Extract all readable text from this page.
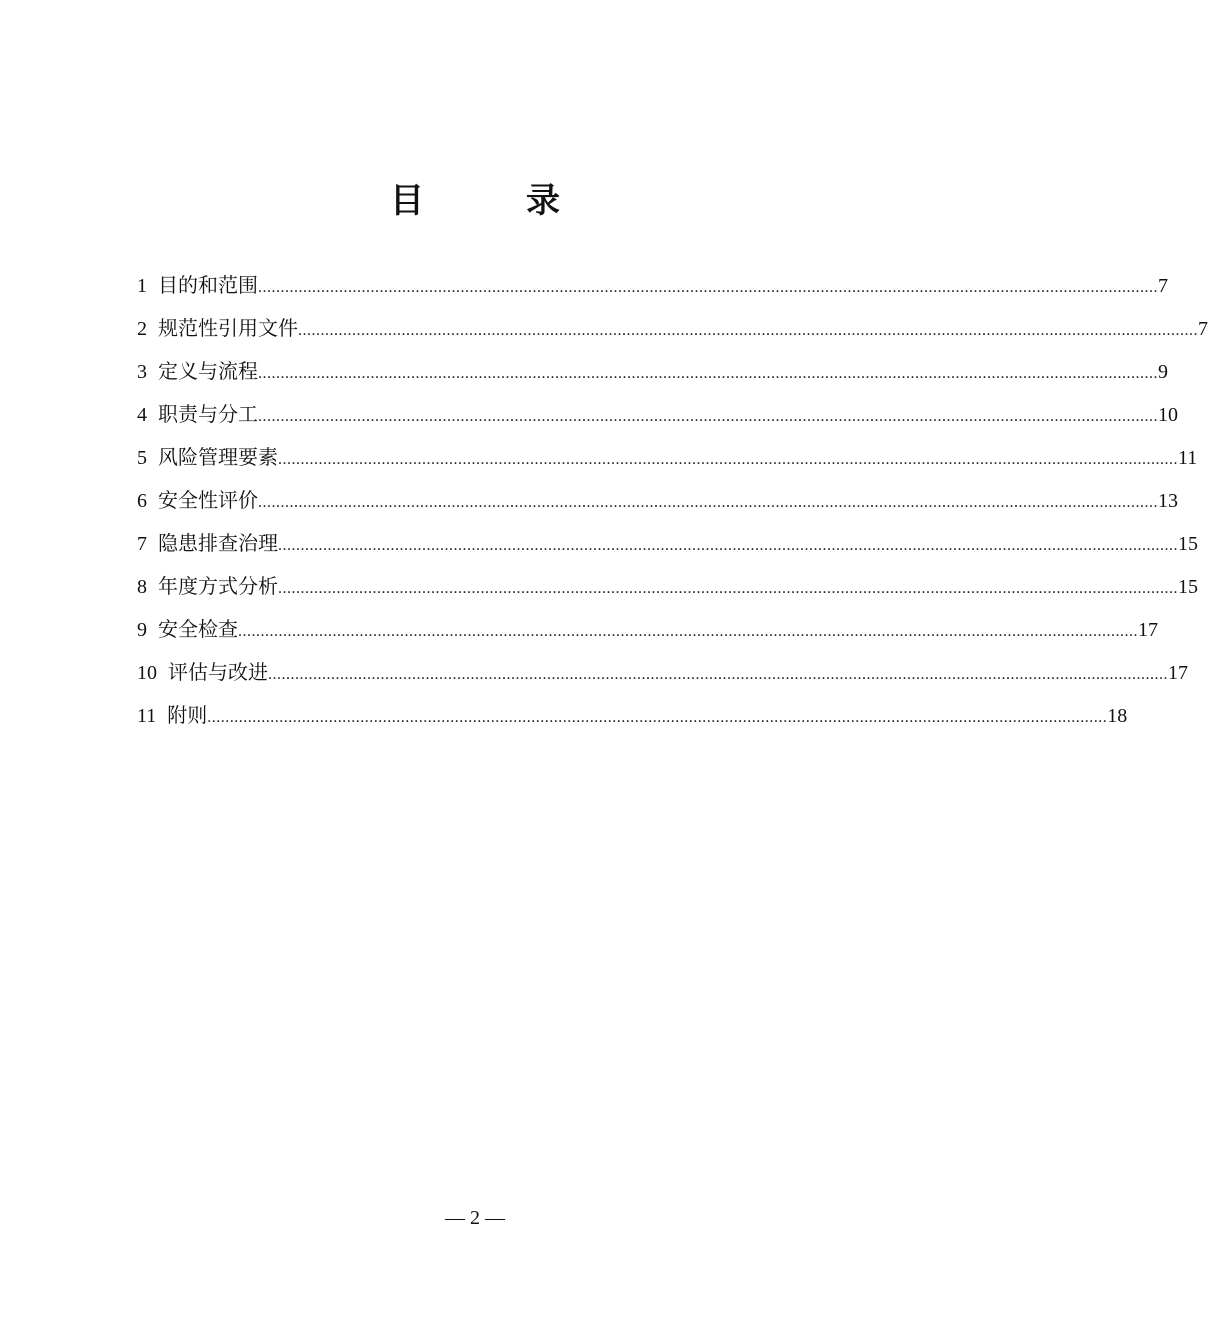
目　录
1 目的和范围 ........................................................................................................................................................................................................ 7
2 规范性引用文件 ........................................................................................................................................................................................................ 7
3 定义与流程 ........................................................................................................................................................................................................ 9
4 职责与分工 ........................................................................................................................................................................................................ 10
5 风险管理要素 ........................................................................................................................................................................................................ 11
6 安全性评价 ........................................................................................................................................................................................................ 13
7 隐患排查治理 ........................................................................................................................................................................................................ 15
8 年度方式分析 ........................................................................................................................................................................................................ 15
9 安全检查 ........................................................................................................................................................................................................ 17
10 评估与改进 ........................................................................................................................................................................................................ 17
11 附则 ........................................................................................................................................................................................................ 18
— 2 —
